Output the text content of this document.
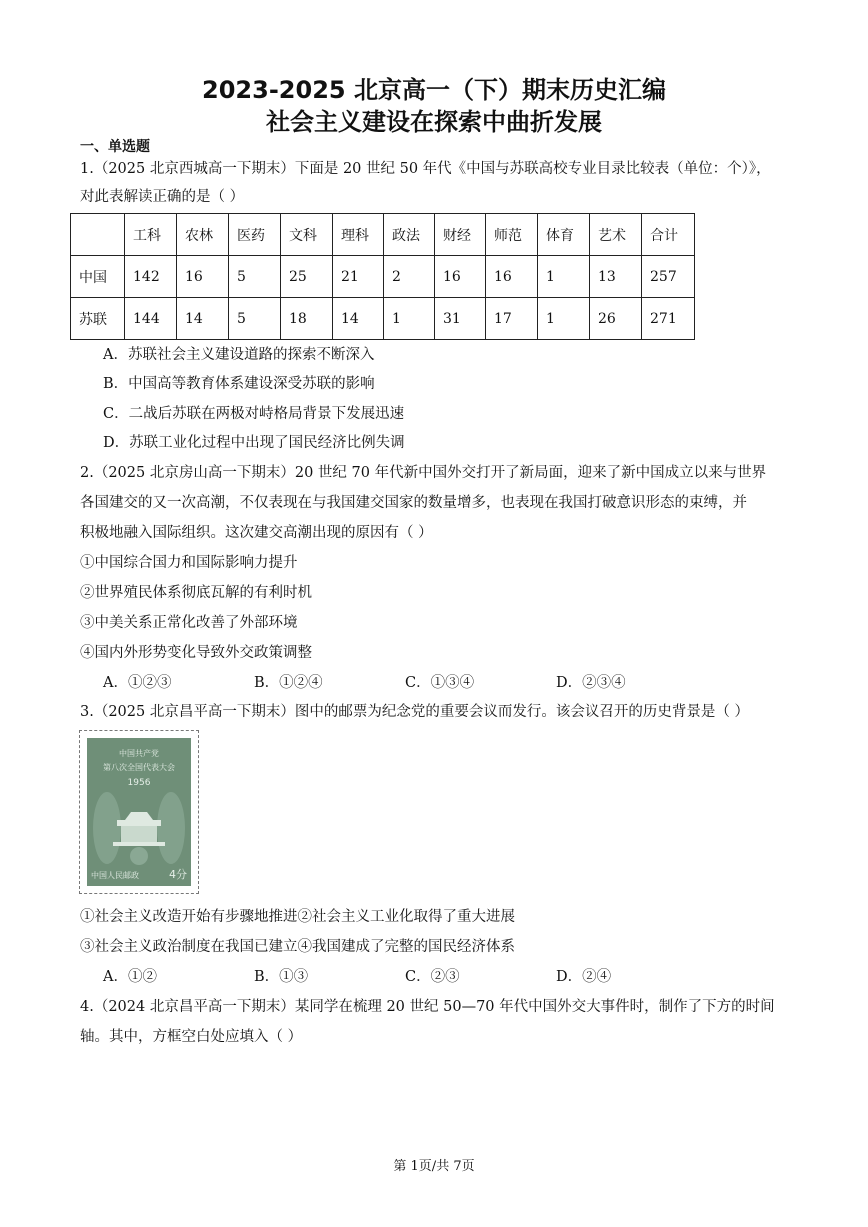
2023-2025 北京高一（下）期末历史汇编
社会主义建设在探索中曲折发展
一、单选题
1.（2025 北京西城高一下期末）下面是 20 世纪 50 年代《中国与苏联高校专业目录比较表（单位：个）》，
对此表解读正确的是（ ）
	工科	农林	医药	文科	理科	政法	财经	师范	体育	艺术	合计
中国	142	16	5	25	21	2	16	16	1	13	257
苏联	144	14	5	18	14	1	31	17	1	26	271
A．苏联社会主义建设道路的探索不断深入
B．中国高等教育体系建设深受苏联的影响
C．二战后苏联在两极对峙格局背景下发展迅速
D．苏联工业化过程中出现了国民经济比例失调
2.（2025 北京房山高一下期末）20 世纪 70 年代新中国外交打开了新局面，迎来了新中国成立以来与世界
各国建交的又一次高潮，不仅表现在与我国建交国家的数量增多，也表现在我国打破意识形态的束缚，并
积极地融入国际组织。这次建交高潮出现的原因有（ ）
①中国综合国力和国际影响力提升
②世界殖民体系彻底瓦解的有利时机
③中美关系正常化改善了外部环境
④国内外形势变化导致外交政策调整
A．①②③	B．①②④	C．①③④	D．②③④
3.（2025 北京昌平高一下期末）图中的邮票为纪念党的重要会议而发行。该会议召开的历史背景是（ ）
中国共产党
第八次全国代表大会
1956
中国人民邮政	4分
①社会主义改造开始有步骤地推进②社会主义工业化取得了重大进展
③社会主义政治制度在我国已建立④我国建成了完整的国民经济体系
A．①②	B．①③	C．②③	D．②④
4.（2024 北京昌平高一下期末）某同学在梳理 20 世纪 50—70 年代中国外交大事件时，制作了下方的时间
轴。其中，方框空白处应填入（ ）
第 1页/共 7页
